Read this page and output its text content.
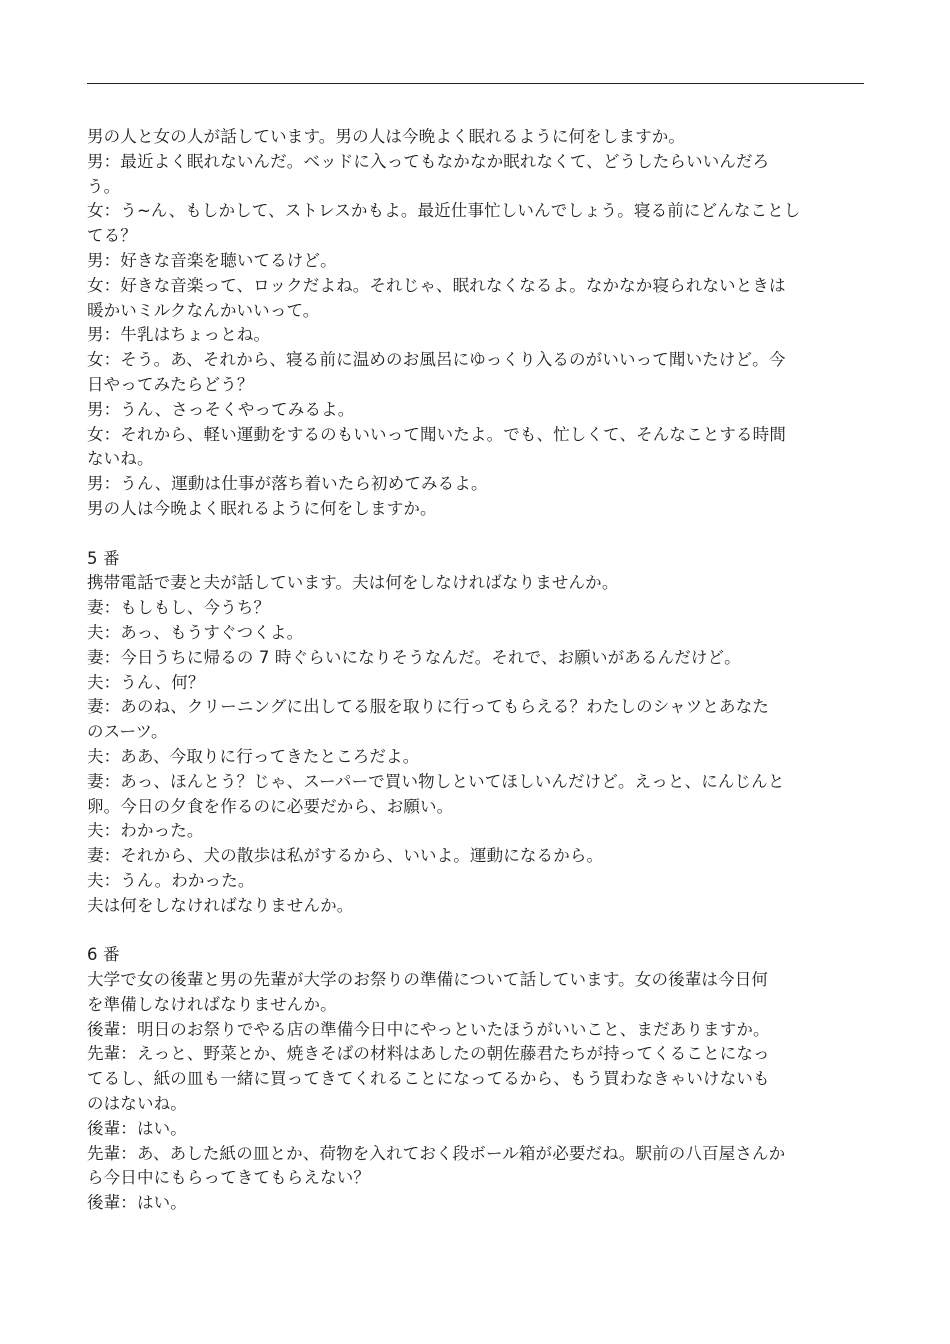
男の人と女の人が話しています。男の人は今晩よく眠れるように何をしますか。
男：最近よく眠れないんだ。ベッドに入ってもなかなか眠れなくて、どうしたらいいんだろ
う。
女：う~ん、もしかして、ストレスかもよ。最近仕事忙しいんでしょう。寝る前にどんなことし
てる？
男：好きな音楽を聴いてるけど。
女：好きな音楽って、ロックだよね。それじゃ、眠れなくなるよ。なかなか寝られないときは
暖かいミルクなんかいいって。
男：牛乳はちょっとね。
女：そう。あ、それから、寝る前に温めのお風呂にゆっくり入るのがいいって聞いたけど。今
日やってみたらどう？
男：うん、さっそくやってみるよ。
女：それから、軽い運動をするのもいいって聞いたよ。でも、忙しくて、そんなことする時間
ないね。
男：うん、運動は仕事が落ち着いたら初めてみるよ。
男の人は今晩よく眠れるように何をしますか。
5 番
携帯電話で妻と夫が話しています。夫は何をしなければなりませんか。
妻：もしもし、今うち？
夫：あっ、もうすぐつくよ。
妻：今日うちに帰るの 7 時ぐらいになりそうなんだ。それで、お願いがあるんだけど。
夫：うん、何？
妻：あのね、クリーニングに出してる服を取りに行ってもらえる？わたしのシャツとあなた
のスーツ。
夫：ああ、今取りに行ってきたところだよ。
妻：あっ、ほんとう？じゃ、スーパーで買い物しといてほしいんだけど。えっと、にんじんと
卵。今日の夕食を作るのに必要だから、お願い。
夫：わかった。
妻：それから、犬の散歩は私がするから、いいよ。運動になるから。
夫：うん。わかった。
夫は何をしなければなりませんか。
6 番
大学で女の後輩と男の先輩が大学のお祭りの準備について話しています。女の後輩は今日何
を準備しなければなりませんか。
後輩：明日のお祭りでやる店の準備今日中にやっといたほうがいいこと、まだありますか。
先輩：えっと、野菜とか、焼きそばの材料はあしたの朝佐藤君たちが持ってくることになっ
てるし、紙の皿も一緒に買ってきてくれることになってるから、もう買わなきゃいけないも
のはないね。
後輩：はい。
先輩：あ、あした紙の皿とか、荷物を入れておく段ボール箱が必要だね。駅前の八百屋さんか
ら今日中にもらってきてもらえない？
後輩：はい。
